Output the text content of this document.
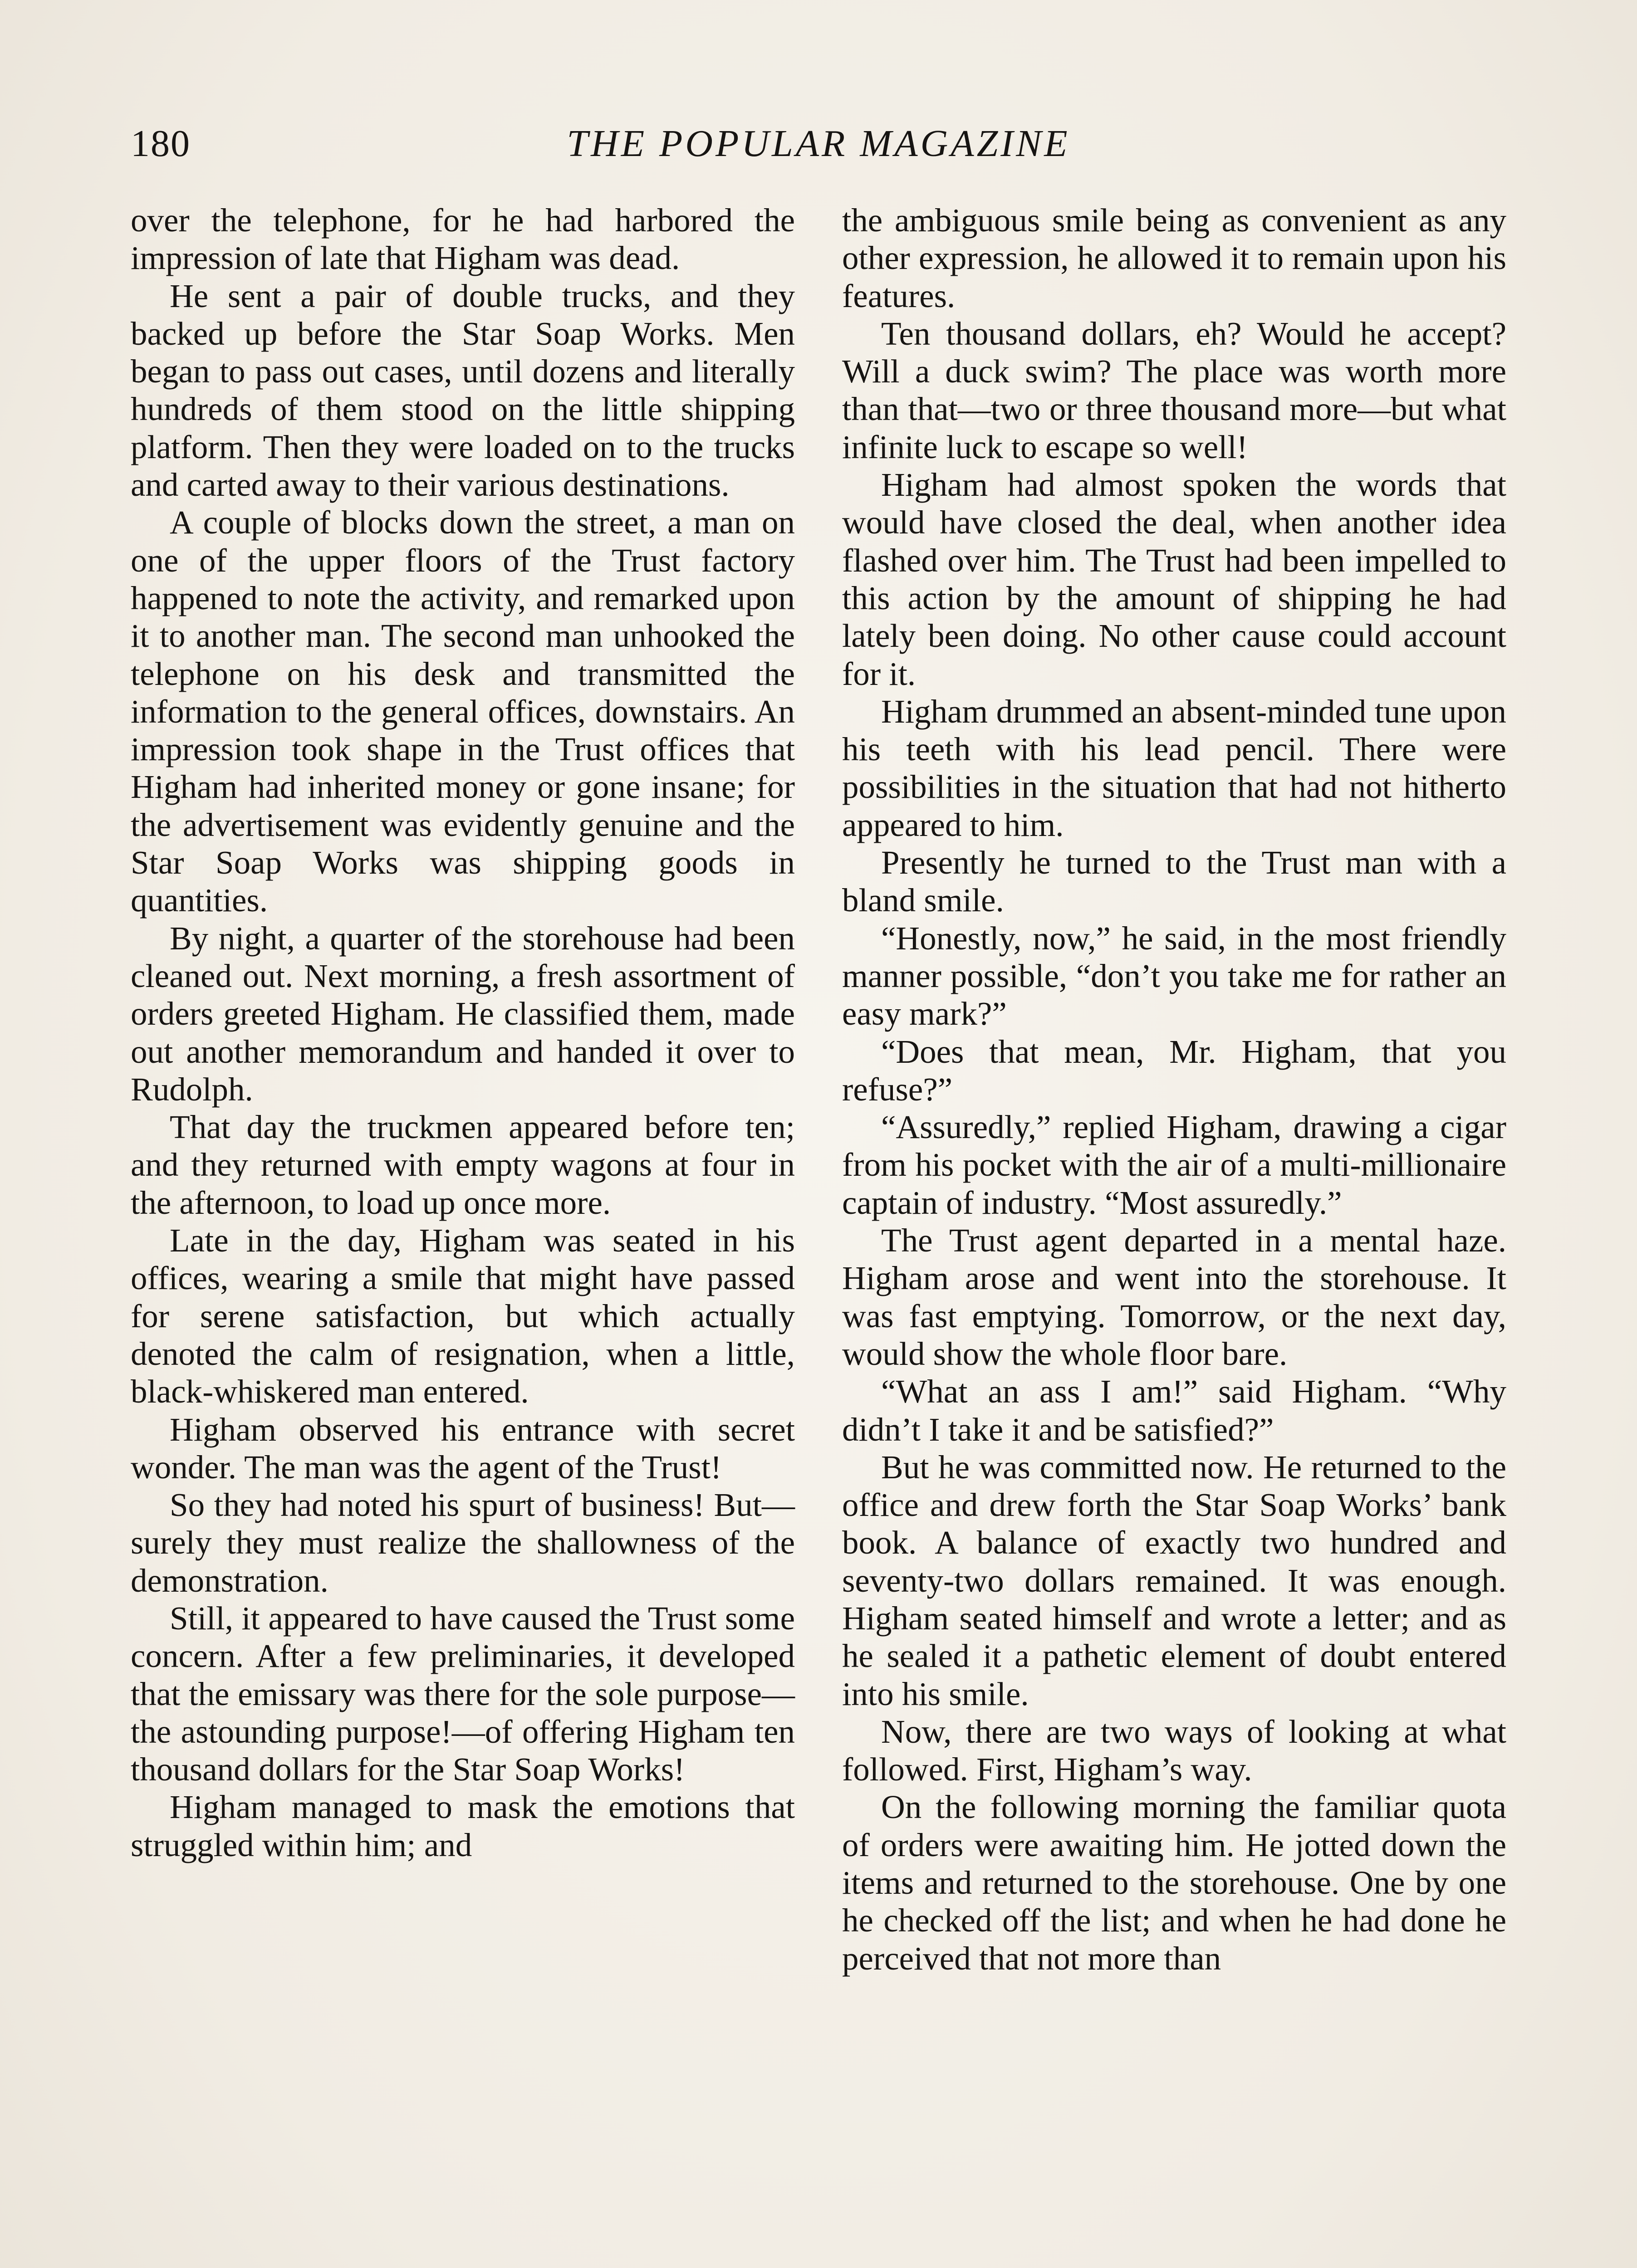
180	THE POPULAR MAGAZINE

over the telephone, for he had harbored the impression of late that Higham was dead.

He sent a pair of double trucks, and they backed up before the Star Soap Works. Men began to pass out cases, until dozens and literally hundreds of them stood on the little shipping platform. Then they were loaded on to the trucks and carted away to their various destinations.

A couple of blocks down the street, a man on one of the upper floors of the Trust factory happened to note the activity, and remarked upon it to another man. The second man unhooked the telephone on his desk and transmitted the information to the general offices, downstairs. An impression took shape in the Trust offices that Higham had inherited money or gone insane; for the advertisement was evidently genuine and the Star Soap Works was shipping goods in quantities.

By night, a quarter of the storehouse had been cleaned out. Next morning, a fresh assortment of orders greeted Higham. He classified them, made out another memorandum and handed it over to Rudolph.

That day the truckmen appeared before ten; and they returned with empty wagons at four in the afternoon, to load up once more.

Late in the day, Higham was seated in his offices, wearing a smile that might have passed for serene satisfaction, but which actually denoted the calm of resignation, when a little, black-whiskered man entered.

Higham observed his entrance with secret wonder. The man was the agent of the Trust!

So they had noted his spurt of business! But—surely they must realize the shallowness of the demonstration.

Still, it appeared to have caused the Trust some concern. After a few preliminaries, it developed that the emissary was there for the sole purpose—the astounding purpose!—of offering Higham ten thousand dollars for the Star Soap Works!

Higham managed to mask the emotions that struggled within him; and

the ambiguous smile being as convenient as any other expression, he allowed it to remain upon his features.

Ten thousand dollars, eh? Would he accept? Will a duck swim? The place was worth more than that—two or three thousand more—but what infinite luck to escape so well!

Higham had almost spoken the words that would have closed the deal, when another idea flashed over him. The Trust had been impelled to this action by the amount of shipping he had lately been doing. No other cause could account for it.

Higham drummed an absent-minded tune upon his teeth with his lead pencil. There were possibilities in the situation that had not hitherto appeared to him.

Presently he turned to the Trust man with a bland smile.

“Honestly, now,” he said, in the most friendly manner possible, “don’t you take me for rather an easy mark?”

“Does that mean, Mr. Higham, that you refuse?”

“Assuredly,” replied Higham, drawing a cigar from his pocket with the air of a multi-millionaire captain of industry. “Most assuredly.”

The Trust agent departed in a mental haze. Higham arose and went into the storehouse. It was fast emptying. Tomorrow, or the next day, would show the whole floor bare.

“What an ass I am!” said Higham. “Why didn’t I take it and be satisfied?”

But he was committed now. He returned to the office and drew forth the Star Soap Works’ bank book. A balance of exactly two hundred and seventy-two dollars remained. It was enough. Higham seated himself and wrote a letter; and as he sealed it a pathetic element of doubt entered into his smile.

Now, there are two ways of looking at what followed. First, Higham’s way.

On the following morning the familiar quota of orders were awaiting him. He jotted down the items and returned to the storehouse. One by one he checked off the list; and when he had done he perceived that not more than
